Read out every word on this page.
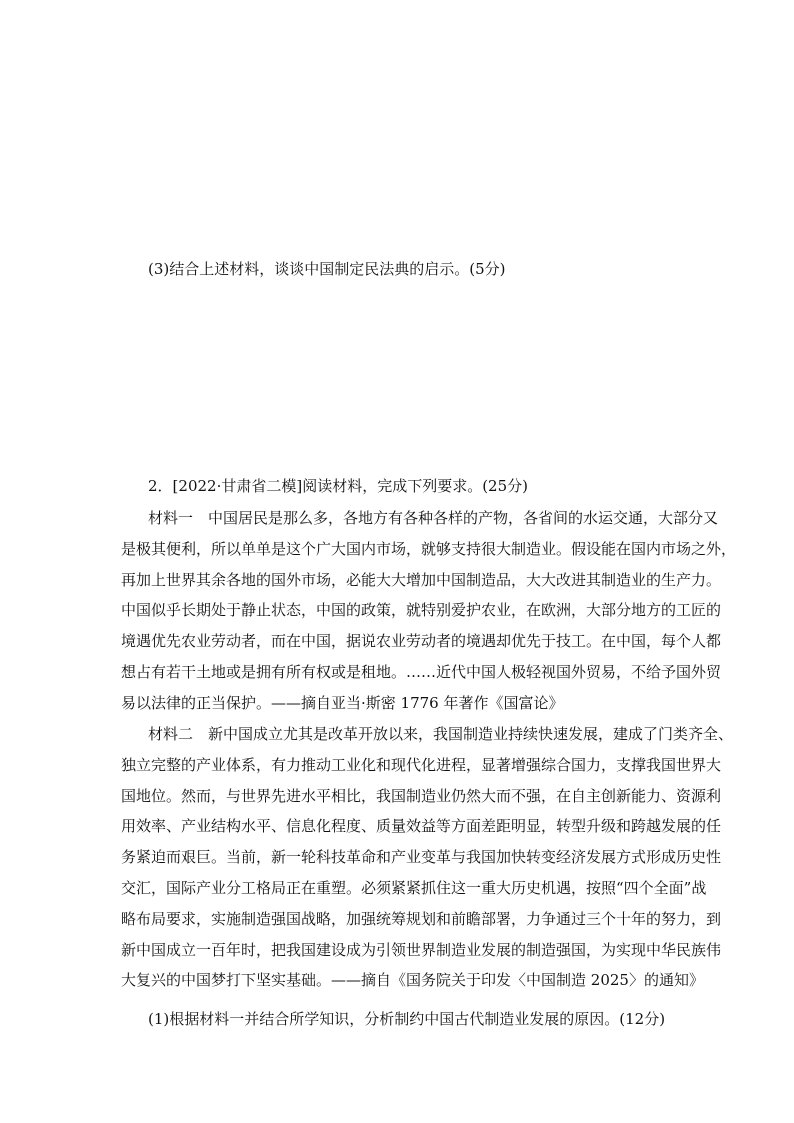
(3)结合上述材料，谈谈中国制定民法典的启示。(5分)
2．[2022·甘肃省二模]阅读材料，完成下列要求。(25分)
材料一　中国居民是那么多，各地方有各种各样的产物，各省间的水运交通，大部分又
是极其便利，所以单单是这个广大国内市场，就够支持很大制造业。假设能在国内市场之外，
再加上世界其余各地的国外市场，必能大大增加中国制造品，大大改进其制造业的生产力。
中国似乎长期处于静止状态，中国的政策，就特别爱护农业，在欧洲，大部分地方的工匠的
境遇优先农业劳动者，而在中国，据说农业劳动者的境遇却优先于技工。在中国，每个人都
想占有若干土地或是拥有所有权或是租地。……近代中国人极轻视国外贸易，不给予国外贸
易以法律的正当保护。——摘自亚当·斯密 1776 年著作《国富论》
材料二　新中国成立尤其是改革开放以来，我国制造业持续快速发展，建成了门类齐全、
独立完整的产业体系，有力推动工业化和现代化进程，显著增强综合国力，支撑我国世界大
国地位。然而，与世界先进水平相比，我国制造业仍然大而不强，在自主创新能力、资源利
用效率、产业结构水平、信息化程度、质量效益等方面差距明显，转型升级和跨越发展的任
务紧迫而艰巨。当前，新一轮科技革命和产业变革与我国加快转变经济发展方式形成历史性
交汇，国际产业分工格局正在重塑。必须紧紧抓住这一重大历史机遇，按照“四个全面”战
略布局要求，实施制造强国战略，加强统筹规划和前瞻部署，力争通过三个十年的努力，到
新中国成立一百年时，把我国建设成为引领世界制造业发展的制造强国，为实现中华民族伟
大复兴的中国梦打下坚实基础。——摘自《国务院关于印发〈中国制造 2025〉的通知》
(1)根据材料一并结合所学知识，分析制约中国古代制造业发展的原因。(12分)
